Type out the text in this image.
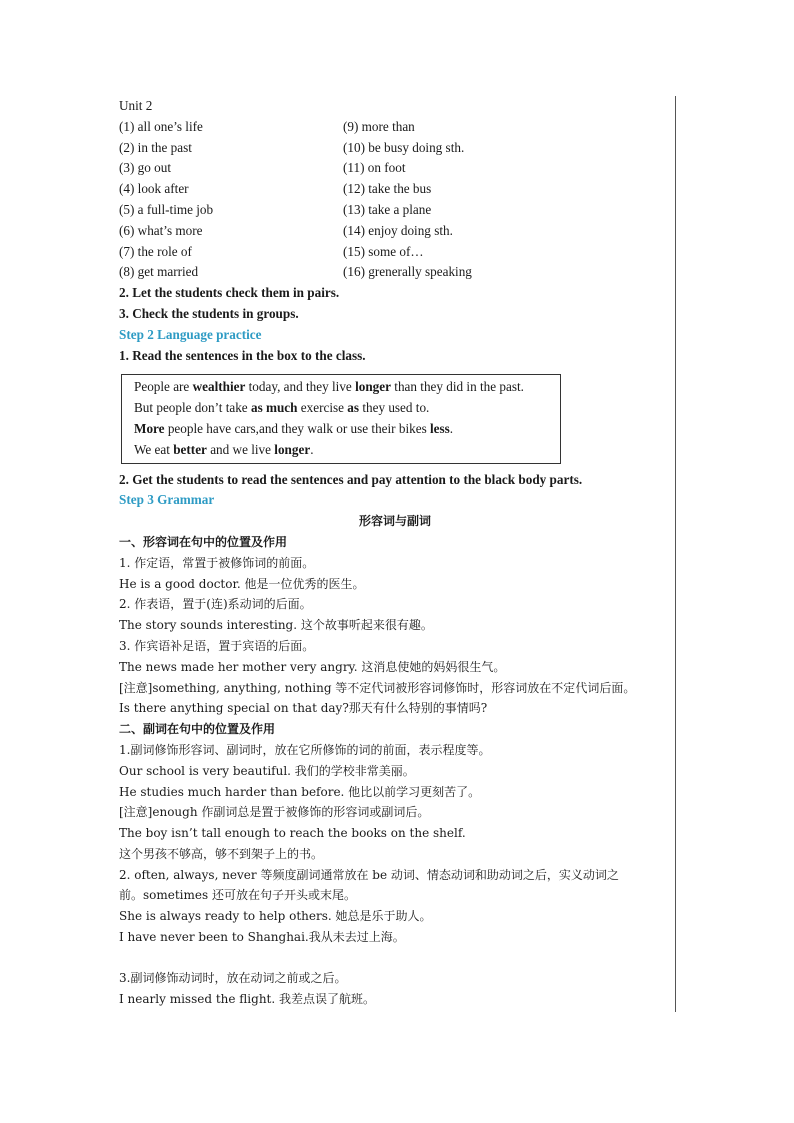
Unit 2
(1) all one’s life	(9) more than
(2) in the past	(10) be busy doing sth.
(3) go out	(11) on foot
(4) look after	(12) take the bus
(5) a full-time job	(13) take a plane
(6) what’s more	(14) enjoy doing sth.
(7) the role of	(15) some of…
(8) get married	(16) grenerally speaking
2. Let the students check them in pairs.
3. Check the students in groups.
Step 2 Language practice
1. Read the sentences in the box to the class.
People are wealthier today, and they live longer than they did in the past.
But people don’t take as much exercise as they used to.
More people have cars,and they walk or use their bikes less.
We eat better and we live longer.
2. Get the students to read the sentences and pay attention to the black body parts.
Step 3 Grammar
形容词与副词
一、形容词在句中的位置及作用
1. 作定语，常置于被修饰词的前面。
He is a good doctor. 他是一位优秀的医生。
2. 作表语，置于(连)系动词的后面。
The story sounds interesting. 这个故事听起来很有趣。
3. 作宾语补足语，置于宾语的后面。
The news made her mother very angry. 这消息使她的妈妈很生气。
[注意]something, anything, nothing 等不定代词被形容词修饰时，形容词放在不定代词后面。
Is there anything special on that day?那天有什么特别的事情吗?
二、副词在句中的位置及作用
1.副词修饰形容词、副词时，放在它所修饰的词的前面，表示程度等。
Our school is very beautiful. 我们的学校非常美丽。
He studies much harder than before. 他比以前学习更刻苦了。
[注意]enough 作副词总是置于被修饰的形容词或副词后。
The boy isn’t tall enough to reach the books on the shelf.
这个男孩不够高，够不到架子上的书。
2. often, always, never 等频度副词通常放在 be 动词、情态动词和助动词之后，实义动词之
前。sometimes 还可放在句子开头或末尾。
She is always ready to help others. 她总是乐于助人。
I have never been to Shanghai.我从未去过上海。
3.副词修饰动词时，放在动词之前或之后。
I nearly missed the flight. 我差点误了航班。
